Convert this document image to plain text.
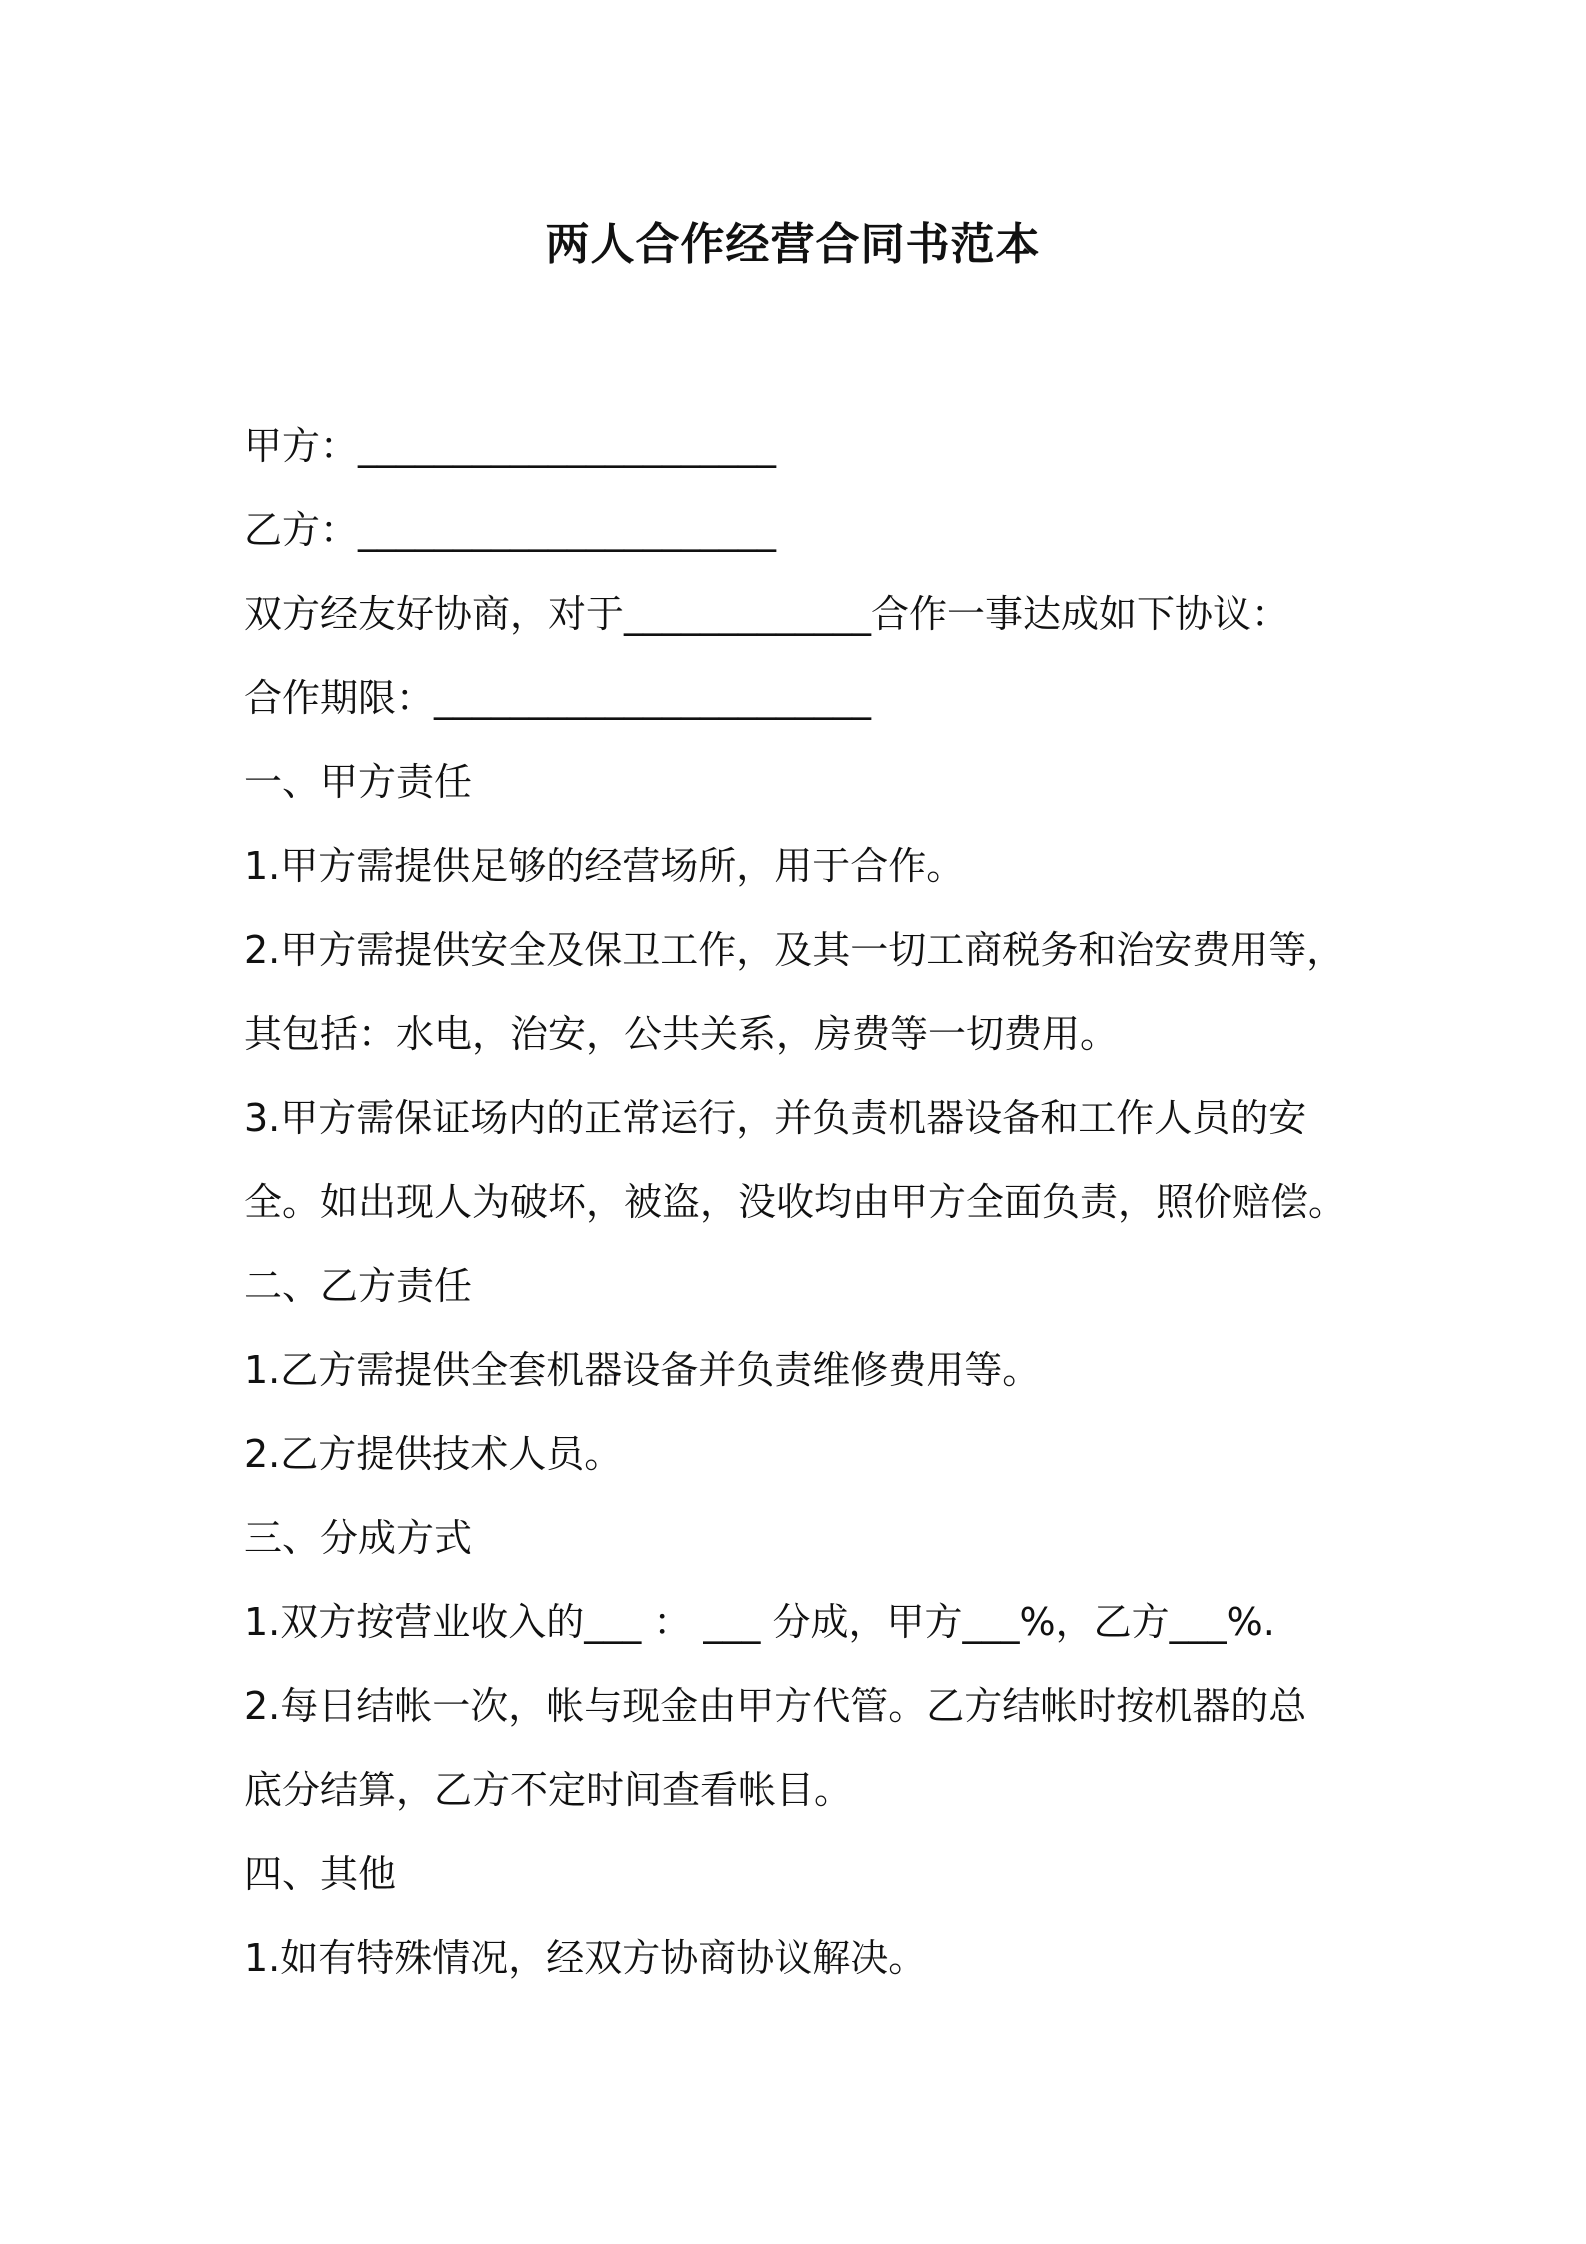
两人合作经营合同书范本
甲方：______________________
乙方：______________________
双方经友好协商，对于_____________合作一事达成如下协议：
合作期限：_______________________
一、甲方责任
1.甲方需提供足够的经营场所，用于合作。
2.甲方需提供安全及保卫工作，及其一切工商税务和治安费用等，
其包括：水电，治安，公共关系，房费等一切费用。
3.甲方需保证场内的正常运行，并负责机器设备和工作人员的安
全。如出现人为破坏，被盗，没收均由甲方全面负责，照价赔偿。
二、乙方责任
1.乙方需提供全套机器设备并负责维修费用等。
2.乙方提供技术人员。
三、分成方式
1.双方按营业收入的___ ： ___ 分成，甲方___%，乙方___%.
2.每日结帐一次，帐与现金由甲方代管。乙方结帐时按机器的总
底分结算，乙方不定时间查看帐目。
四、其他
1.如有特殊情况，经双方协商协议解决。
